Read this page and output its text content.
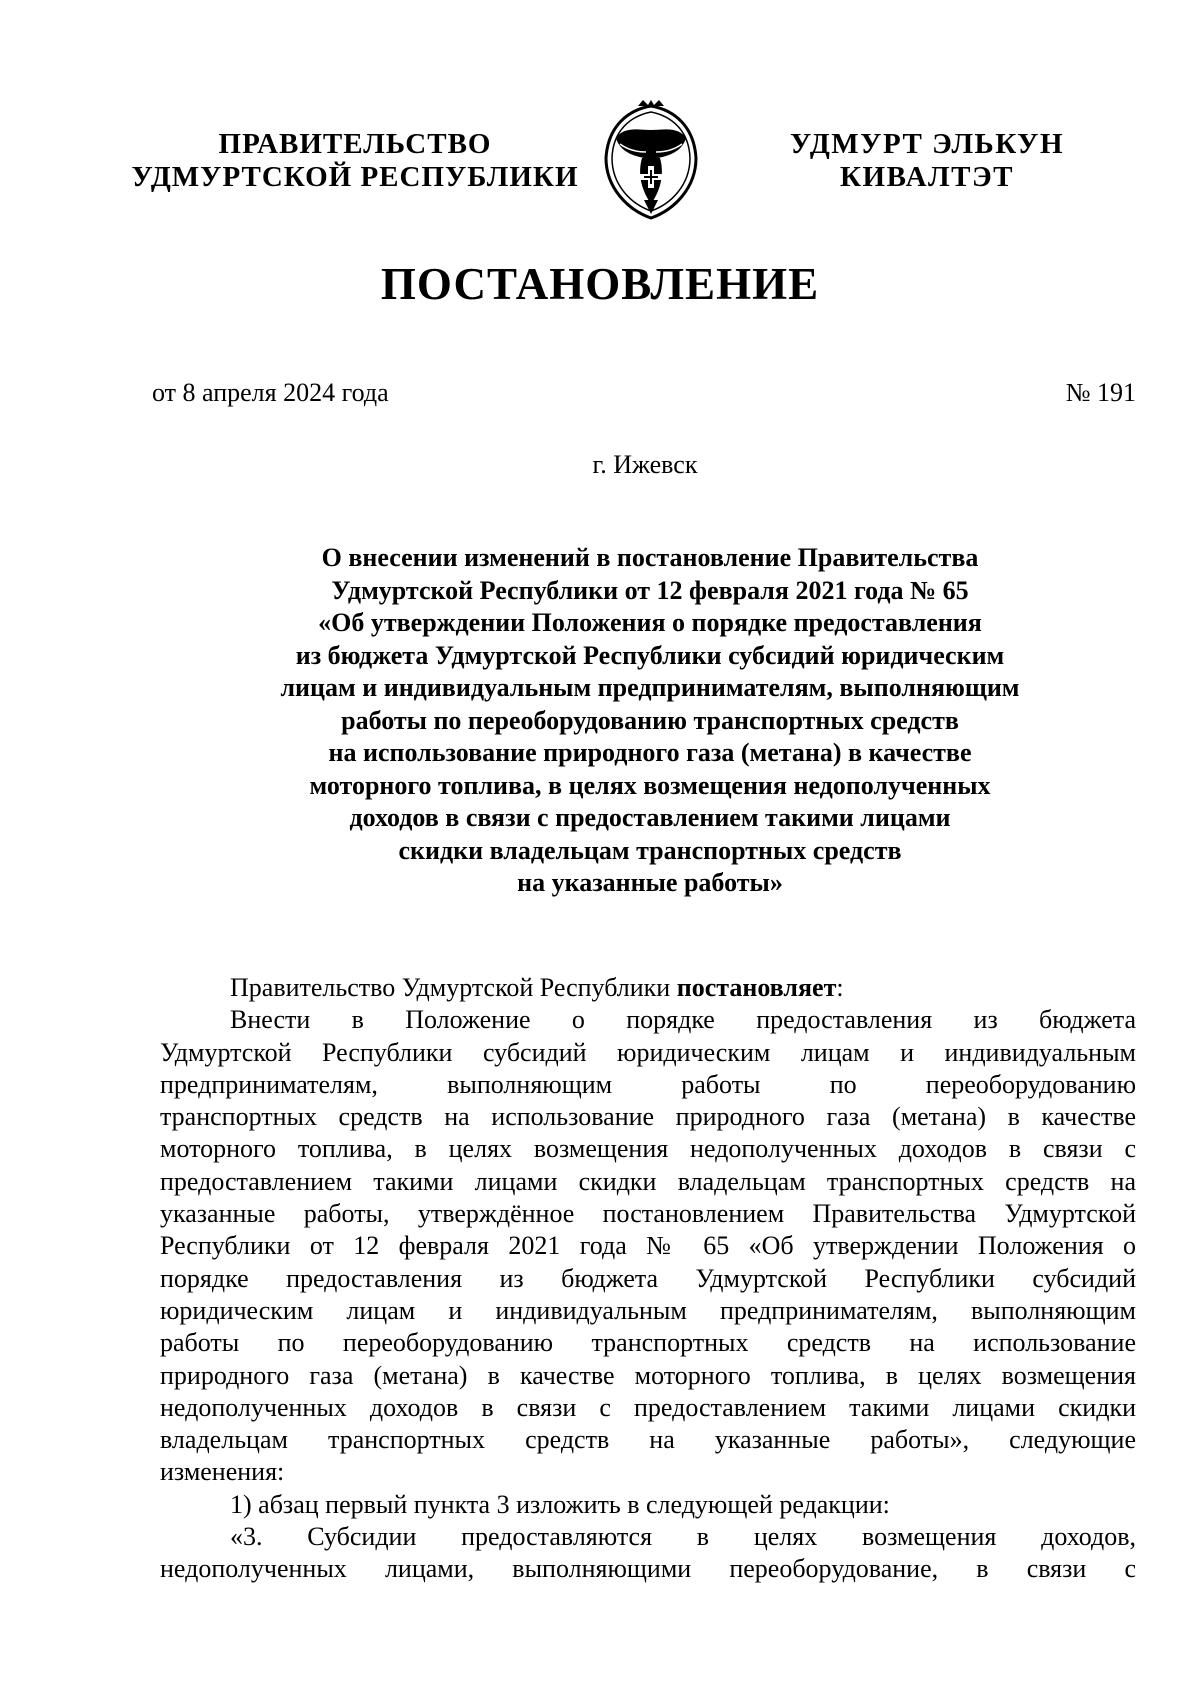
ПРАВИТЕЛЬСТВО
УДМУРТСКОЙ РЕСПУБЛИКИ
УДМУРТ ЭЛЬКУН
КИВАЛТЭТ
ПОСТАНОВЛЕНИЕ
от 8 апреля 2024 года	№ 191
г. Ижевск
О внесении изменений в постановление Правительства
Удмуртской Республики от 12 февраля 2021 года № 65
«Об утверждении Положения о порядке предоставления
из бюджета Удмуртской Республики субсидий юридическим
лицам и индивидуальным предпринимателям, выполняющим
работы по переоборудованию транспортных средств
на использование природного газа (метана) в качестве
моторного топлива, в целях возмещения недополученных
доходов в связи с предоставлением такими лицами
скидки владельцам транспортных средств
на указанные работы»
Правительство Удмуртской Республики постановляет:
Внести в Положение о порядке предоставления из бюджета
Удмуртской Республики субсидий юридическим лицам и индивидуальным
предпринимателям, выполняющим работы по переоборудованию
транспортных средств на использование природного газа (метана) в качестве
моторного топлива, в целях возмещения недополученных доходов в связи с
предоставлением такими лицами скидки владельцам транспортных средств на
указанные работы, утверждённое постановлением Правительства Удмуртской
Республики от 12 февраля 2021 года № 65 «Об утверждении Положения о
порядке предоставления из бюджета Удмуртской Республики субсидий
юридическим лицам и индивидуальным предпринимателям, выполняющим
работы по переоборудованию транспортных средств на использование
природного газа (метана) в качестве моторного топлива, в целях возмещения
недополученных доходов в связи с предоставлением такими лицами скидки
владельцам транспортных средств на указанные работы», следующие
изменения:
1) абзац первый пункта 3 изложить в следующей редакции:
«3. Субсидии предоставляются в целях возмещения доходов,
недополученных лицами, выполняющими переоборудование, в связи с
